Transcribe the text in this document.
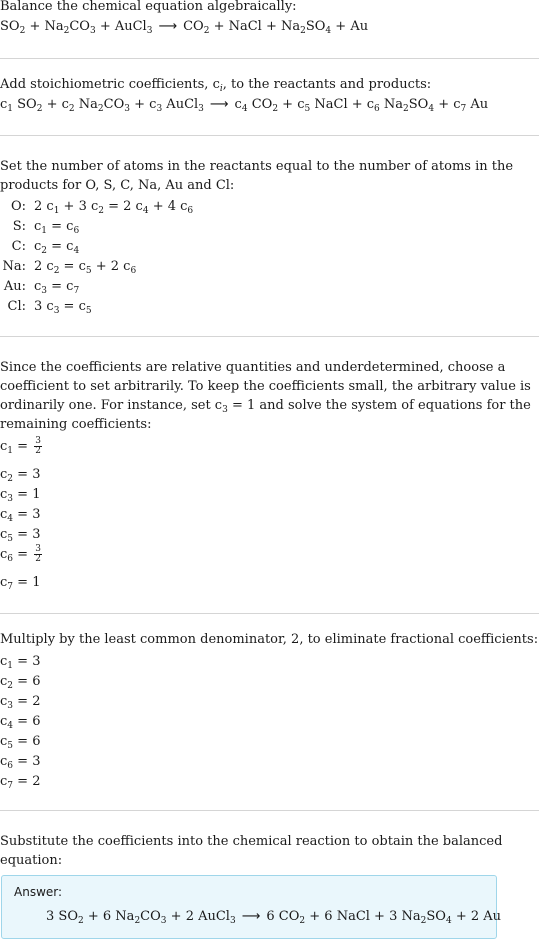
Balance the chemical equation algebraically:
$SO_2 + Na_2CO_3$ + AuCl$_3$ ⟶ $CO_2$ + NaCl + $Na_2SO_4 + Au$
Add stoichiometric coefficients, $c_i$, to the reactants and products:
$c_1$ $SO_2 + c_2$ $Na_2CO_3 + c_3$ AuCl$_3$ ⟶ $c_4$ $CO_2 + c_5$ NaCl + $c_6$ $Na_2SO_4 + c_7$ Au
Set the number of atoms in the reactants equal to the number of atoms in the
products for O, S, C, Na, Au and Cl:
O: 2 $c_1 + 3$ $c_2 = 2$ $c_4 + 4$ $c_6$
S: $c_1 = c_6$
C: $c_2 = c_4$
Na: 2 $c_2 = c_5 + 2$ $c_6$
Au: $c_3 = c_7$
Cl: 3 $c_3 = c_5$
Since the coefficients are relative quantities and underdetermined, choose a
coefficient to set arbitrarily. To keep the coefficients small, the arbitrary value is
ordinarily one. For instance, set $c_3 = 1$ and solve the system of equations for the
remaining coefficients:
$c_1 = \frac{3}{2}$
$c_2 = 3$
$c_3 = 1$
$c_4 = 3$
$c_5 = 3$
$c_6 = \frac{3}{2}$
$c_7 = 1$
Multiply by the least common denominator, 2, to eliminate fractional coefficients:
$c_1 = 3$
$c_2 = 6$
$c_3 = 2$
$c_4 = 6$
$c_5 = 6$
$c_6 = 3$
$c_7 = 2$
Substitute the coefficients into the chemical reaction to obtain the balanced
equation:
Answer:
3 $SO_2 + 6$ $Na_2CO_3 + 2$ AuCl$_3$ ⟶ 6 $CO_2 + 6$ NaCl + 3 $Na_2SO_4 + 2$ Au
